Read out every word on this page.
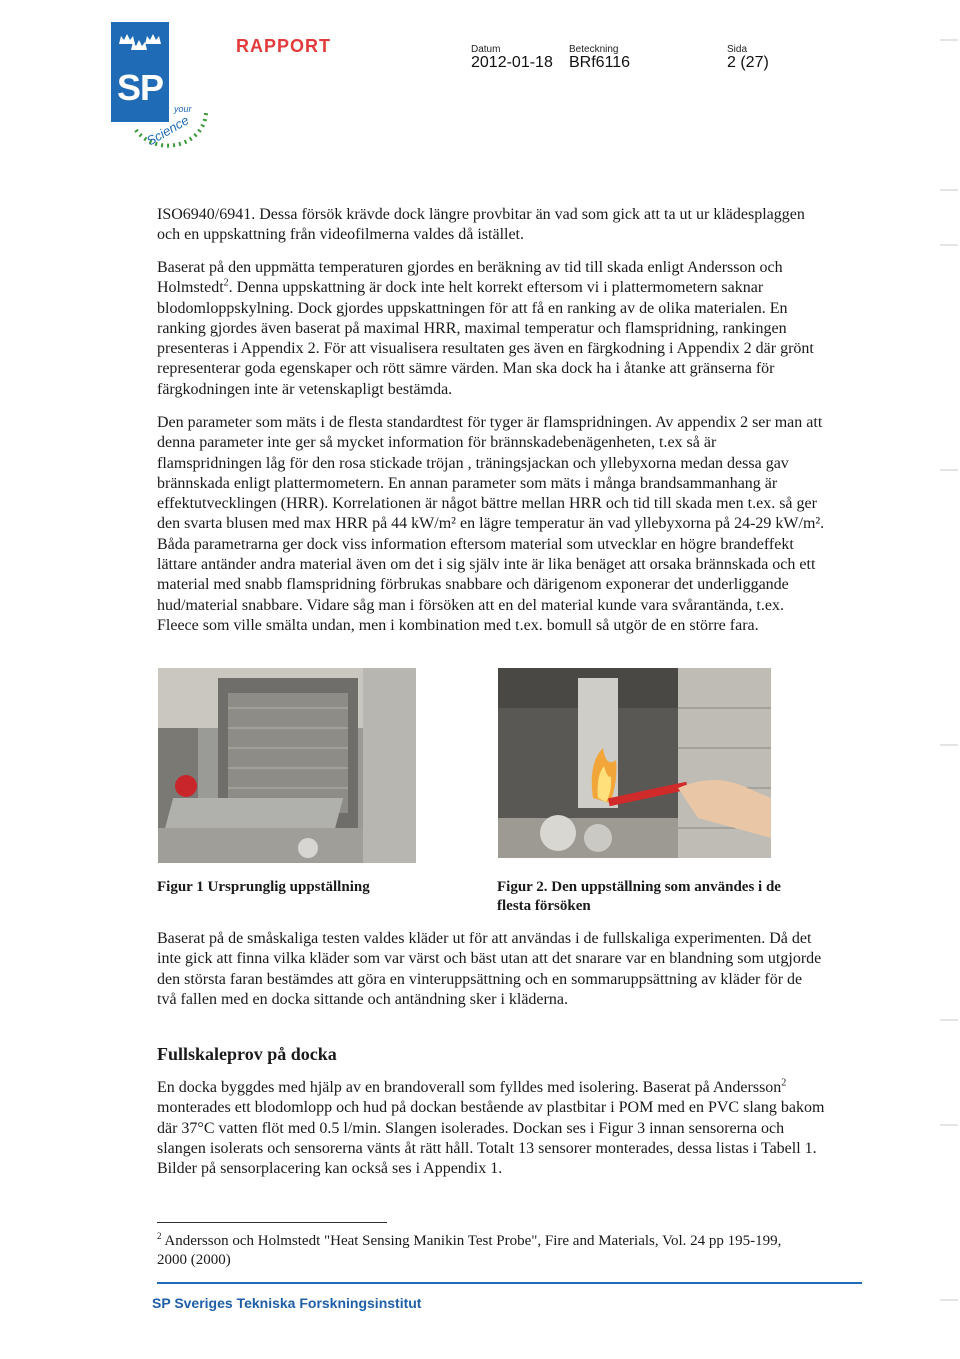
SP
Science
your
RAPPORT	Datum
2012-01-18
Beteckning
BRf6116
Sida
2 (27)
ISO6940/6941. Dessa försök krävde dock längre provbitar än vad som gick att ta ut ur klädesplaggen och en uppskattning från videofilmerna valdes då istället.
Baserat på den uppmätta temperaturen gjordes en beräkning av tid till skada enligt Andersson och Holmstedt$^2$. Denna uppskattning är dock inte helt korrekt eftersom vi i plattermometern saknar blodomloppskylning. Dock gjordes uppskattningen för att få en ranking av de olika materialen. En ranking gjordes även baserat på maximal HRR, maximal temperatur och flamspridning, rankingen presenteras i Appendix 2. För att visualisera resultaten ges även en färgkodning i Appendix 2 där grönt representerar goda egenskaper och rött sämre värden. Man ska dock ha i åtanke att gränserna för färgkodningen inte är vetenskapligt bestämda.
Den parameter som mäts i de flesta standardtest för tyger är flamspridningen. Av appendix 2 ser man att denna parameter inte ger så mycket information för brännskadebenägenheten, t.ex så är flamspridningen låg för den rosa stickade tröjan , träningsjackan och yllebyxorna medan dessa gav brännskada enligt plattermometern. En annan parameter som mäts i många brandsammanhang är effektutvecklingen (HRR). Korrelationen är något bättre mellan HRR och tid till skada men t.ex. så ger den svarta blusen med max HRR på 44 kW/m² en lägre temperatur än vad yllebyxorna på 24-29 kW/m². Båda parametrarna ger dock viss information eftersom material som utvecklar en högre brandeffekt lättare antänder andra material även om det i sig själv inte är lika benäget att orsaka brännskada och ett material med snabb flamspridning förbrukas snabbare och därigenom exponerar det underliggande hud/material snabbare. Vidare såg man i försöken att en del material kunde vara svårantända, t.ex. Fleece som ville smälta undan, men i kombination med t.ex. bomull så utgör de en större fara.
Figur 1 Ursprunglig uppställning	Figur 2. Den uppställning som användes i de flesta försöken
Baserat på de småskaliga testen valdes kläder ut för att användas i de fullskaliga experimenten. Då det inte gick att finna vilka kläder som var värst och bäst utan att det snarare var en blandning som utgjorde den största faran bestämdes att göra en vinteruppsättning och en sommaruppsättning av kläder för de två fallen med en docka sittande och antändning sker i kläderna.
Fullskaleprov på docka
En docka byggdes med hjälp av en brandoverall som fylldes med isolering. Baserat på Andersson$^2$ monterades ett blodomlopp och hud på dockan bestående av plastbitar i POM med en PVC slang bakom där 37°C vatten flöt med 0.5 l/min. Slangen isolerades. Dockan ses i Figur 3 innan sensorerna och slangen isolerats och sensorerna vänts åt rätt håll. Totalt 13 sensorer monterades, dessa listas i Tabell 1. Bilder på sensorplacering kan också ses i Appendix 1.
$^2$ Andersson och Holmstedt "Heat Sensing Manikin Test Probe", Fire and Materials, Vol. 24 pp 195-199, 2000 (2000)
SP Sveriges Tekniska Forskningsinstitut
